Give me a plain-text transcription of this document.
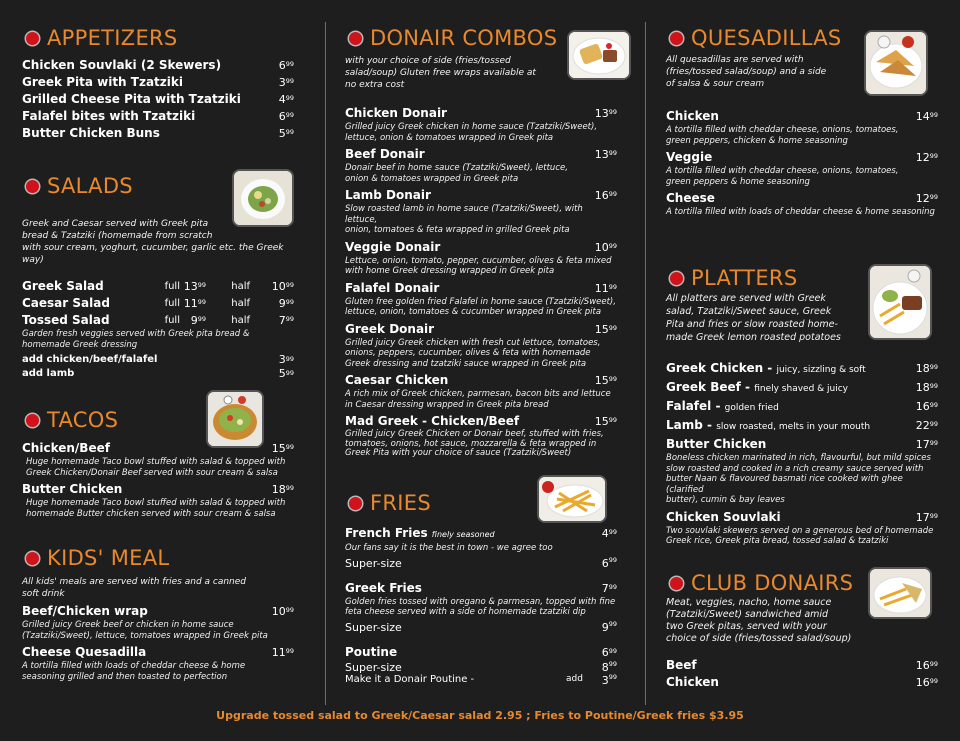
APPETIZERS
Chicken Souvlaki (2 Skewers)	$6^{99}$
Greek Pita with Tzatziki	$3^{99}$
Grilled Cheese Pita with Tzatziki	$4^{99}$
Falafel bites with Tzatziki	$6^{99}$
Butter Chicken Buns	$5^{99}$
SALADS
Greek and Caesar served with Greek pita
bread & Tzatziki (homemade from scratch
with sour cream, yoghurt, cucumber, garlic etc. the Greek way)
Greek Salad	full $13^{99}$	half	$10^{99}$
Caesar Salad	full $11^{99}$	half	$9^{99}$
Tossed Salad	full $9^{99}$	half	$7^{99}$
Garden fresh veggies served with Greek pita bread &
homemade Greek dressing
add chicken/beef/falafel	$3^{99}$
add lamb	$5^{99}$
TACOS
Chicken/Beef	$15^{99}$
Huge homemade Taco bowl stuffed with salad & topped with
Greek Chicken/Donair Beef served with sour cream & salsa
Butter Chicken	$18^{99}$
Huge homemade Taco bowl stuffed with salad & topped with
homemade Butter chicken served with sour cream & salsa
KIDS' MEAL
All kids' meals are served with fries and a canned
soft drink
Beef/Chicken wrap	$10^{99}$
Grilled juicy Greek beef or chicken in home sauce
(Tzatziki/Sweet), lettuce, tomatoes wrapped in Greek pita
Cheese Quesadilla	$11^{99}$
A tortilla filled with loads of cheddar cheese & home
seasoning grilled and then toasted to perfection
DONAIR COMBOS
with your choice of side (fries/tossed
salad/soup) Gluten free wraps available at
no extra cost
Chicken Donair	$13^{99}$
Grilled juicy Greek chicken in home sauce (Tzatziki/Sweet),
lettuce, onion & tomatoes wrapped in Greek pita
Beef Donair	$13^{99}$
Donair beef in home sauce (Tzatziki/Sweet), lettuce,
onion & tomatoes wrapped in Greek pita
Lamb Donair	$16^{99}$
Slow roasted lamb in home sauce (Tzatziki/Sweet), with lettuce,
onion, tomatoes & feta wrapped in grilled Greek pita
Veggie Donair	$10^{99}$
Lettuce, onion, tomato, pepper, cucumber, olives & feta mixed
with home Greek dressing wrapped in Greek pita
Falafel Donair	$11^{99}$
Gluten free golden fried Falafel in home sauce (Tzatziki/Sweet),
lettuce, onion, tomatoes & cucumber wrapped in Greek pita
Greek Donair	$15^{99}$
Grilled juicy Greek chicken with fresh cut lettuce, tomatoes,
onions, peppers, cucumber, olives & feta with homemade
Greek dressing and tzatziki sauce wrapped in Greek pita
Caesar Chicken	$15^{99}$
A rich mix of Greek chicken, parmesan, bacon bits and lettuce
in Caesar dressing wrapped in Greek pita bread
Mad Greek - Chicken/Beef	$15^{99}$
Grilled juicy Greek Chicken or Donair beef, stuffed with fries,
tomatoes, onions, hot sauce, mozzarella & feta wrapped in
Greek Pita with your choice of sauce (Tzatziki/Sweet)
FRIES
French Fries finely seasoned	$4^{99}$
Our fans say it is the best in town - we agree too
Super-size	$6^{99}$
Greek Fries	$7^{99}$
Golden fries tossed with oregano & parmesan, topped with fine
feta cheese served with a side of homemade tzatziki dip
Super-size	$9^{99}$
Poutine	$6^{99}$
Super-size	$8^{99}$
Make it a Donair Poutine -	add	$3^{99}$
QUESADILLAS
All quesadillas are served with
(fries/tossed salad/soup) and a side
of salsa & sour cream
Chicken	$14^{99}$
A tortilla filled with cheddar cheese, onions, tomatoes,
green peppers, chicken & home seasoning
Veggie	$12^{99}$
A tortilla filled with cheddar cheese, onions, tomatoes,
green peppers & home seasoning
Cheese	$12^{99}$
A tortilla filled with loads of cheddar cheese & home seasoning
PLATTERS
All platters are served with Greek
salad, Tzatziki/Sweet sauce, Greek
Pita and fries or slow roasted home-
made Greek lemon roasted potatoes
Greek Chicken - juicy, sizzling & soft	$18^{99}$
Greek Beef - finely shaved & juicy	$18^{99}$
Falafel - golden fried	$16^{99}$
Lamb - slow roasted, melts in your mouth	$22^{99}$
Butter Chicken	$17^{99}$
Boneless chicken marinated in rich, flavourful, but mild spices
slow roasted and cooked in a rich creamy sauce served with
butter Naan & flavoured basmati rice cooked with ghee (clarified
butter), cumin & bay leaves
Chicken Souvlaki	$17^{99}$
Two souvlaki skewers served on a generous bed of homemade
Greek rice, Greek pita bread, tossed salad & tzatziki
CLUB DONAIRS
Meat, veggies, nacho, home sauce
(Tzatziki/Sweet) sandwiched amid
two Greek pitas, served with your
choice of side (fries/tossed salad/soup)
Beef	$16^{99}$
Chicken	$16^{99}$
Upgrade tossed salad to Greek/Caesar salad 2.95 ; Fries to Poutine/Greek fries $3.95
